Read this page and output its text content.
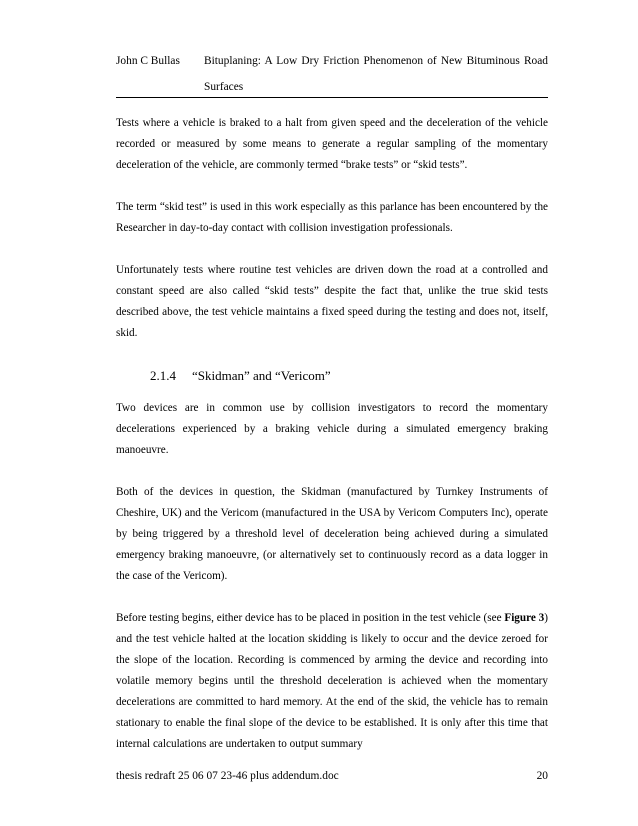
John C Bullas Bituplaning: A Low Dry Friction Phenomenon of New Bituminous Road Surfaces

Tests where a vehicle is braked to a halt from given speed and the deceleration of the vehicle recorded or measured by some means to generate a regular sampling of the momentary deceleration of the vehicle, are commonly termed “brake tests” or “skid tests”.

The term “skid test” is used in this work especially as this parlance has been encountered by the Researcher in day-to-day contact with collision investigation professionals.

Unfortunately tests where routine test vehicles are driven down the road at a controlled and constant speed are also called “skid tests” despite the fact that, unlike the true skid tests described above, the test vehicle maintains a fixed speed during the testing and does not, itself, skid.

2.1.4 “Skidman” and “Vericom”

Two devices are in common use by collision investigators to record the momentary decelerations experienced by a braking vehicle during a simulated emergency braking manoeuvre.

Both of the devices in question, the Skidman (manufactured by Turnkey Instruments of Cheshire, UK) and the Vericom (manufactured in the USA by Vericom Computers Inc), operate by being triggered by a threshold level of deceleration being achieved during a simulated emergency braking manoeuvre, (or alternatively set to continuously record as a data logger in the case of the Vericom).

Before testing begins, either device has to be placed in position in the test vehicle (see Figure 3) and the test vehicle halted at the location skidding is likely to occur and the device zeroed for the slope of the location. Recording is commenced by arming the device and recording into volatile memory begins until the threshold deceleration is achieved when the momentary decelerations are committed to hard memory. At the end of the skid, the vehicle has to remain stationary to enable the final slope of the device to be established. It is only after this time that internal calculations are undertaken to output summary

thesis redraft 25 06 07 23-46 plus addendum.doc	20
